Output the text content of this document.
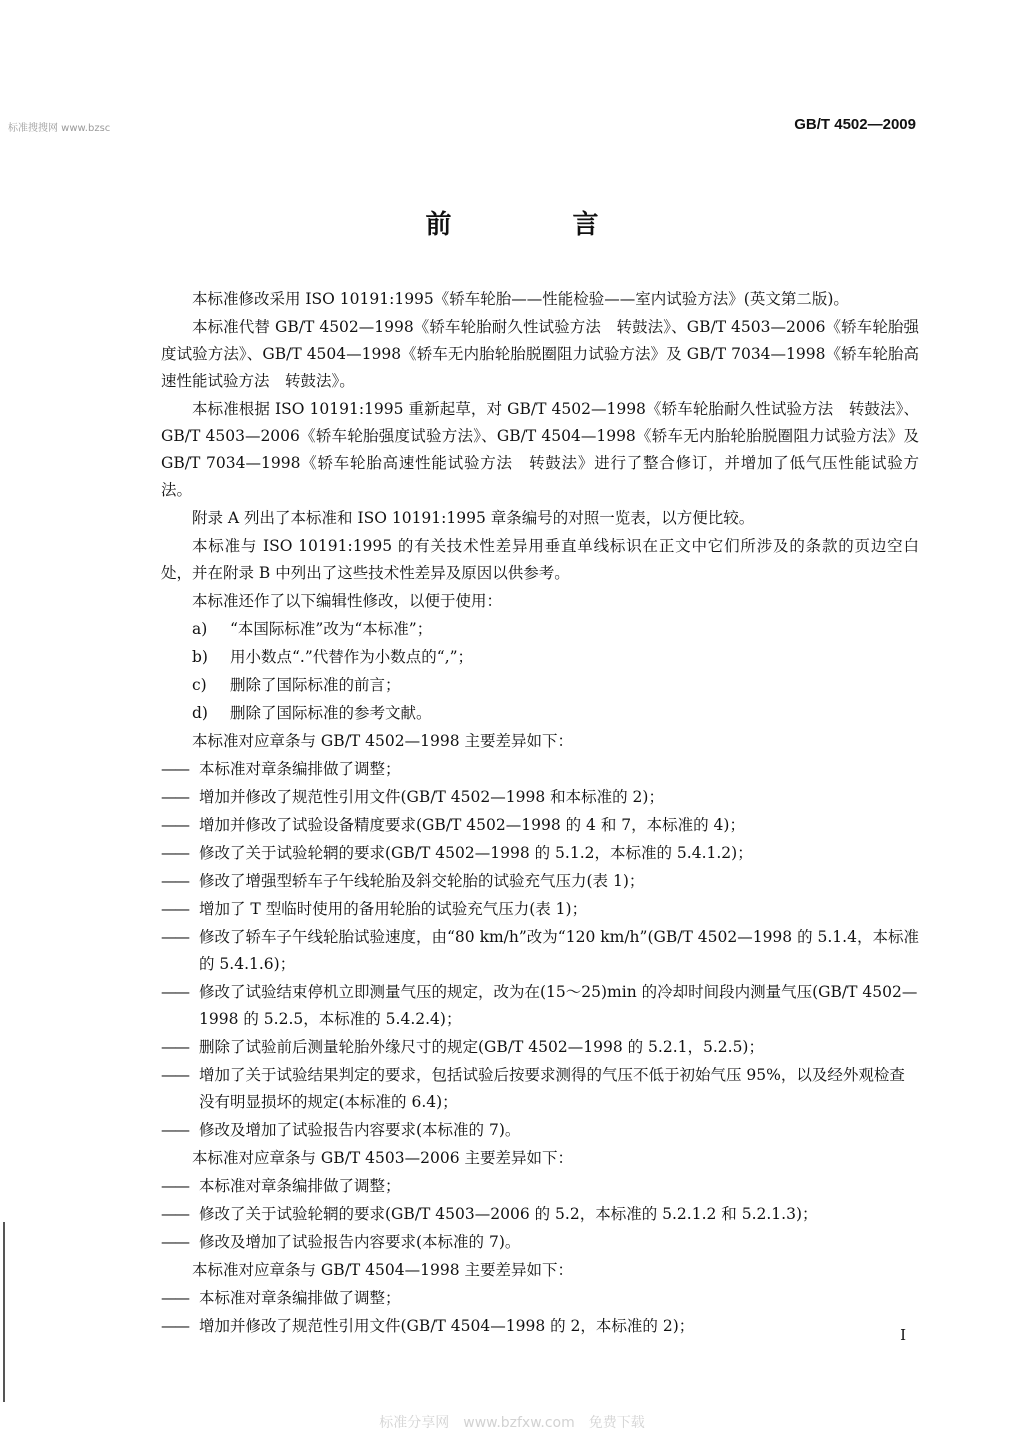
标准搜搜网 www.bzsc	GB/T 4502—2009
前 言

本标准修改采用 ISO 10191:1995《轿车轮胎——性能检验——室内试验方法》(英文第二版)。

本标准代替 GB/T 4502—1998《轿车轮胎耐久性试验方法　转鼓法》、GB/T 4503—2006《轿车轮胎强度试验方法》、GB/T 4504—1998《轿车无内胎轮胎脱圈阻力试验方法》及 GB/T 7034—1998《轿车轮胎高速性能试验方法　转鼓法》。

本标准根据 ISO 10191:1995 重新起草，对 GB/T 4502—1998《轿车轮胎耐久性试验方法　转鼓法》、GB/T 4503—2006《轿车轮胎强度试验方法》、GB/T 4504—1998《轿车无内胎轮胎脱圈阻力试验方法》及 GB/T 7034—1998《轿车轮胎高速性能试验方法　转鼓法》进行了整合修订，并增加了低气压性能试验方法。

附录 A 列出了本标准和 ISO 10191:1995 章条编号的对照一览表，以方便比较。

本标准与 ISO 10191:1995 的有关技术性差异用垂直单线标识在正文中它们所涉及的条款的页边空白处，并在附录 B 中列出了这些技术性差异及原因以供参考。

本标准还作了以下编辑性修改，以便于使用：

a) “本国际标准”改为“本标准”；

b) 用小数点“.”代替作为小数点的“,”；

c) 删除了国际标准的前言；

d) 删除了国际标准的参考文献。

本标准对应章条与 GB/T 4502—1998 主要差异如下：

—— 本标准对章条编排做了调整；

—— 增加并修改了规范性引用文件(GB/T 4502—1998 和本标准的 2)；

—— 增加并修改了试验设备精度要求(GB/T 4502—1998 的 4 和 7，本标准的 4)；

—— 修改了关于试验轮辋的要求(GB/T 4502—1998 的 5.1.2，本标准的 5.4.1.2)；

—— 修改了增强型轿车子午线轮胎及斜交轮胎的试验充气压力(表 1)；

—— 增加了 T 型临时使用的备用轮胎的试验充气压力(表 1)；

—— 修改了轿车子午线轮胎试验速度，由“80 km/h”改为“120 km/h”(GB/T 4502—1998 的 5.1.4，本标准的 5.4.1.6)；

—— 修改了试验结束停机立即测量气压的规定，改为在(15～25)min 的冷却时间段内测量气压(GB/T 4502—1998 的 5.2.5，本标准的 5.4.2.4)；

—— 删除了试验前后测量轮胎外缘尺寸的规定(GB/T 4502—1998 的 5.2.1，5.2.5)；

—— 增加了关于试验结果判定的要求，包括试验后按要求测得的气压不低于初始气压 95%，以及经外观检查没有明显损坏的规定(本标准的 6.4)；

—— 修改及增加了试验报告内容要求(本标准的 7)。

本标准对应章条与 GB/T 4503—2006 主要差异如下：

—— 本标准对章条编排做了调整；

—— 修改了关于试验轮辋的要求(GB/T 4503—2006 的 5.2，本标准的 5.2.1.2 和 5.2.1.3)；

—— 修改及增加了试验报告内容要求(本标准的 7)。

本标准对应章条与 GB/T 4504—1998 主要差异如下：

—— 本标准对章条编排做了调整；

—— 增加并修改了规范性引用文件(GB/T 4504—1998 的 2，本标准的 2)；	I
标准分享网　www.bzfxw.com　免费下载
